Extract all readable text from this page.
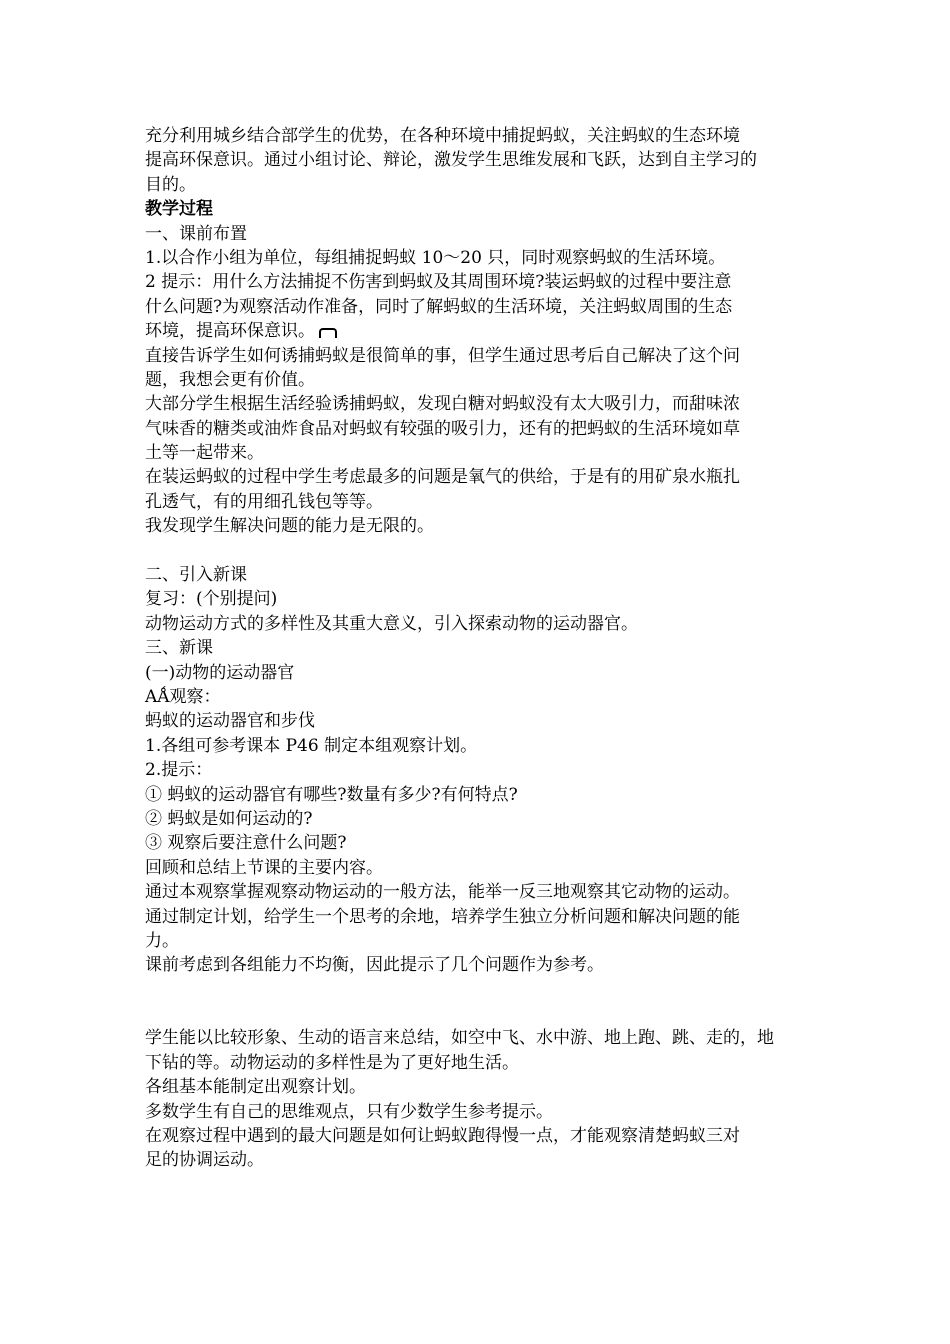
充分利用城乡结合部学生的优势，在各种环境中捕捉蚂蚁，关注蚂蚁的生态环境
提高环保意识。通过小组讨论、辩论，激发学生思维发展和飞跃，达到自主学习的
目的。
教学过程
一、课前布置
1.以合作小组为单位，每组捕捉蚂蚁 10～20 只，同时观察蚂蚁的生活环境。
2 提示：用什么方法捕捉不伤害到蚂蚁及其周围环境?装运蚂蚁的过程中要注意
什么问题?为观察活动作准备，同时了解蚂蚁的生活环境，关注蚂蚁周围的生态
环境，提高环保意识。
直接告诉学生如何诱捕蚂蚁是很简单的事，但学生通过思考后自己解决了这个问
题，我想会更有价值。
大部分学生根据生活经验诱捕蚂蚁，发现白糖对蚂蚁没有太大吸引力，而甜味浓
气味香的糖类或油炸食品对蚂蚁有较强的吸引力，还有的把蚂蚁的生活环境如草
土等一起带来。
在装运蚂蚁的过程中学生考虑最多的问题是氧气的供给，于是有的用矿泉水瓶扎
孔透气，有的用细孔钱包等等。
我发现学生解决问题的能力是无限的。
二、引入新课
复习：(个别提问)
动物运动方式的多样性及其重大意义，引入探索动物的运动器官。
三、新课
(一)动物的运动器官
AǺ观察：
蚂蚁的运动器官和步伐
1.各组可参考课本 P46 制定本组观察计划。
2.提示：
① 蚂蚁的运动器官有哪些?数量有多少?有何特点?
② 蚂蚁是如何运动的?
③ 观察后要注意什么问题?
回顾和总结上节课的主要内容。
通过本观察掌握观察动物运动的一般方法，能举一反三地观察其它动物的运动。
通过制定计划，给学生一个思考的余地，培养学生独立分析问题和解决问题的能
力。
课前考虑到各组能力不均衡，因此提示了几个问题作为参考。
学生能以比较形象、生动的语言来总结，如空中飞、水中游、地上跑、跳、走的，地
下钻的等。动物运动的多样性是为了更好地生活。
各组基本能制定出观察计划。
多数学生有自己的思维观点，只有少数学生参考提示。
在观察过程中遇到的最大问题是如何让蚂蚁跑得慢一点，才能观察清楚蚂蚁三对
足的协调运动。
